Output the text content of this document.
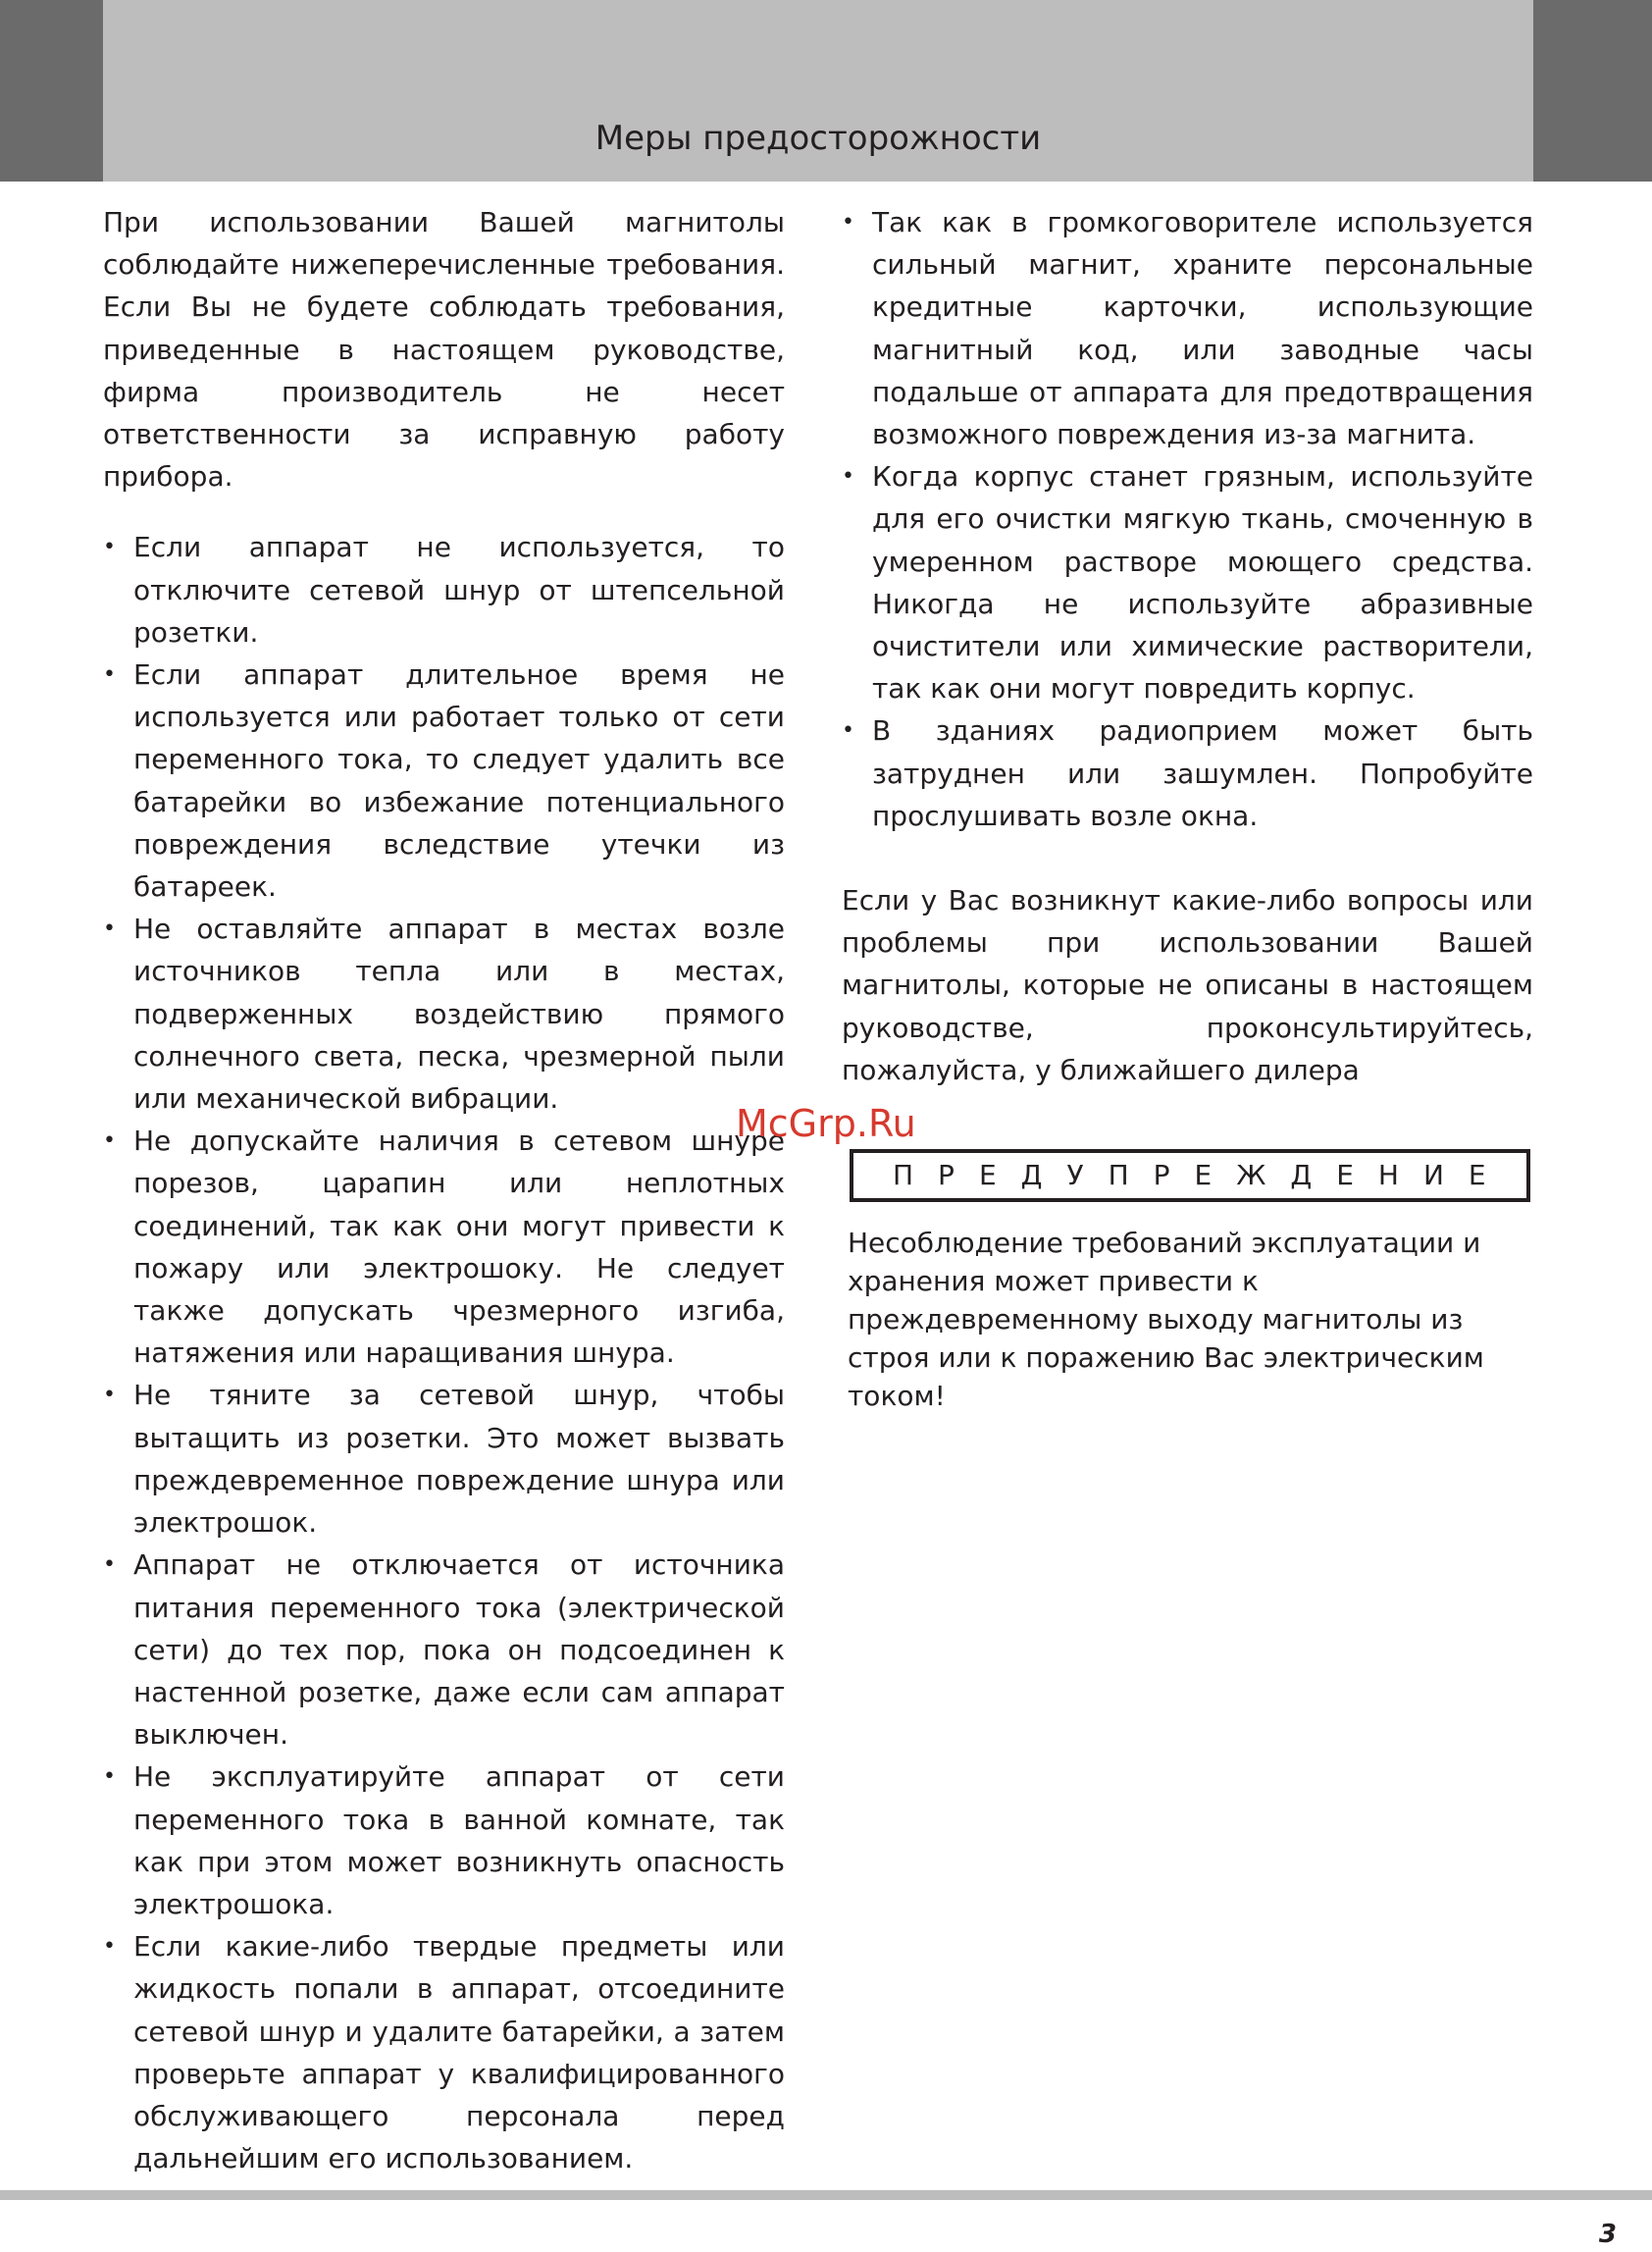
Меры предосторожности

При использовании Вашей магнитолы соблюдайте нижеперечисленные требования. Если Вы не будете соблюдать требования, приведенные в настоящем руководстве, фирма производитель не несет ответственности за исправную работу прибора.

• Если аппарат не используется, то отключите сетевой шнур от штепсельной розетки.
• Если аппарат длительное время не используется или работает только от сети переменного тока, то следует удалить все батарейки во избежание потенциального повреждения вследствие утечки из батареек.
• Не оставляйте аппарат в местах возле источников тепла или в местах, подверженных воздействию прямого солнечного света, песка, чрезмерной пыли или механической вибрации.
• Не допускайте наличия в сетевом шнуре порезов, царапин или неплотных соединений, так как они могут привести к пожару или электрошоку. Не следует также допускать чрезмерного изгиба, натяжения или наращивания шнура.
• Не тяните за сетевой шнур, чтобы вытащить из розетки. Это может вызвать преждевременное повреждение шнура или электрошок.
• Аппарат не отключается от источника питания переменного тока (электрической сети) до тех пор, пока он подсоединен к настенной розетке, даже если сам аппарат выключен.
• Не эксплуатируйте аппарат от сети переменного тока в ванной комнате, так как при этом может возникнуть опасность электрошока.
• Если какие-либо твердые предметы или жидкость попали в аппарат, отсоедините сетевой шнур и удалите батарейки, а затем проверьте аппарат у квалифицированного обслуживающего персонала перед дальнейшим его использованием.
• Так как в громкоговорителе используется сильный магнит, храните персональные кредитные карточки, использующие магнитный код, или заводные часы подальше от аппарата для предотвращения возможного повреждения из-за магнита.
• Когда корпус станет грязным, используйте для его очистки мягкую ткань, смоченную в умеренном растворе моющего средства. Никогда не используйте абразивные очистители или химические растворители, так как они могут повредить корпус.
• В зданиях радиоприем может быть затруднен или зашумлен. Попробуйте прослушивать возле окна.

Если у Вас возникнут какие-либо вопросы или проблемы при использовании Вашей магнитолы, которые не описаны в настоящем руководстве, проконсультируйтесь, пожалуйста, у ближайшего дилера

McGrp.Ru
ПРЕДУПРЕЖДЕНИЕ
Несоблюдение требований эксплуатации и хранения может привести к преждевременному выходу магнитолы из строя или к поражению Вас электрическим током!
3
